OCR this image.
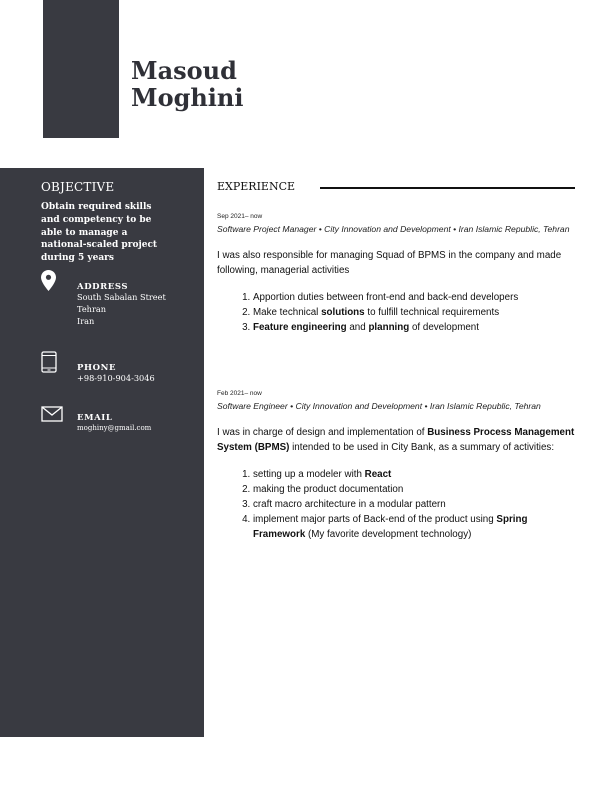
Masoud
Moghini
OBJECTIVE
Obtain required skills and competency to be able to manage a national-scaled project during 5 years
ADDRESS
South Sabalan Street
Tehran
Iran
PHONE
+98-910-904-3046
EMAIL
moghiny@gmail.com
EXPERIENCE
Sep 2021– now
Software Project Manager • City Innovation and Development • Iran Islamic Republic, Tehran
I was also responsible for managing Squad of BPMS in the company and made following, managerial activities
1. Apportion duties between front-end and back-end developers
2. Make technical solutions to fulfill technical requirements
3. Feature engineering and planning of development
Feb 2021– now
Software Engineer • City Innovation and Development • Iran Islamic Republic, Tehran
I was in charge of design and implementation of Business Process Management System (BPMS) intended to be used in City Bank, as a summary of activities:
1. setting up a modeler with React
2. making the product documentation
3. craft macro architecture in a modular pattern
4. implement major parts of Back-end of the product using Spring Framework (My favorite development technology)
